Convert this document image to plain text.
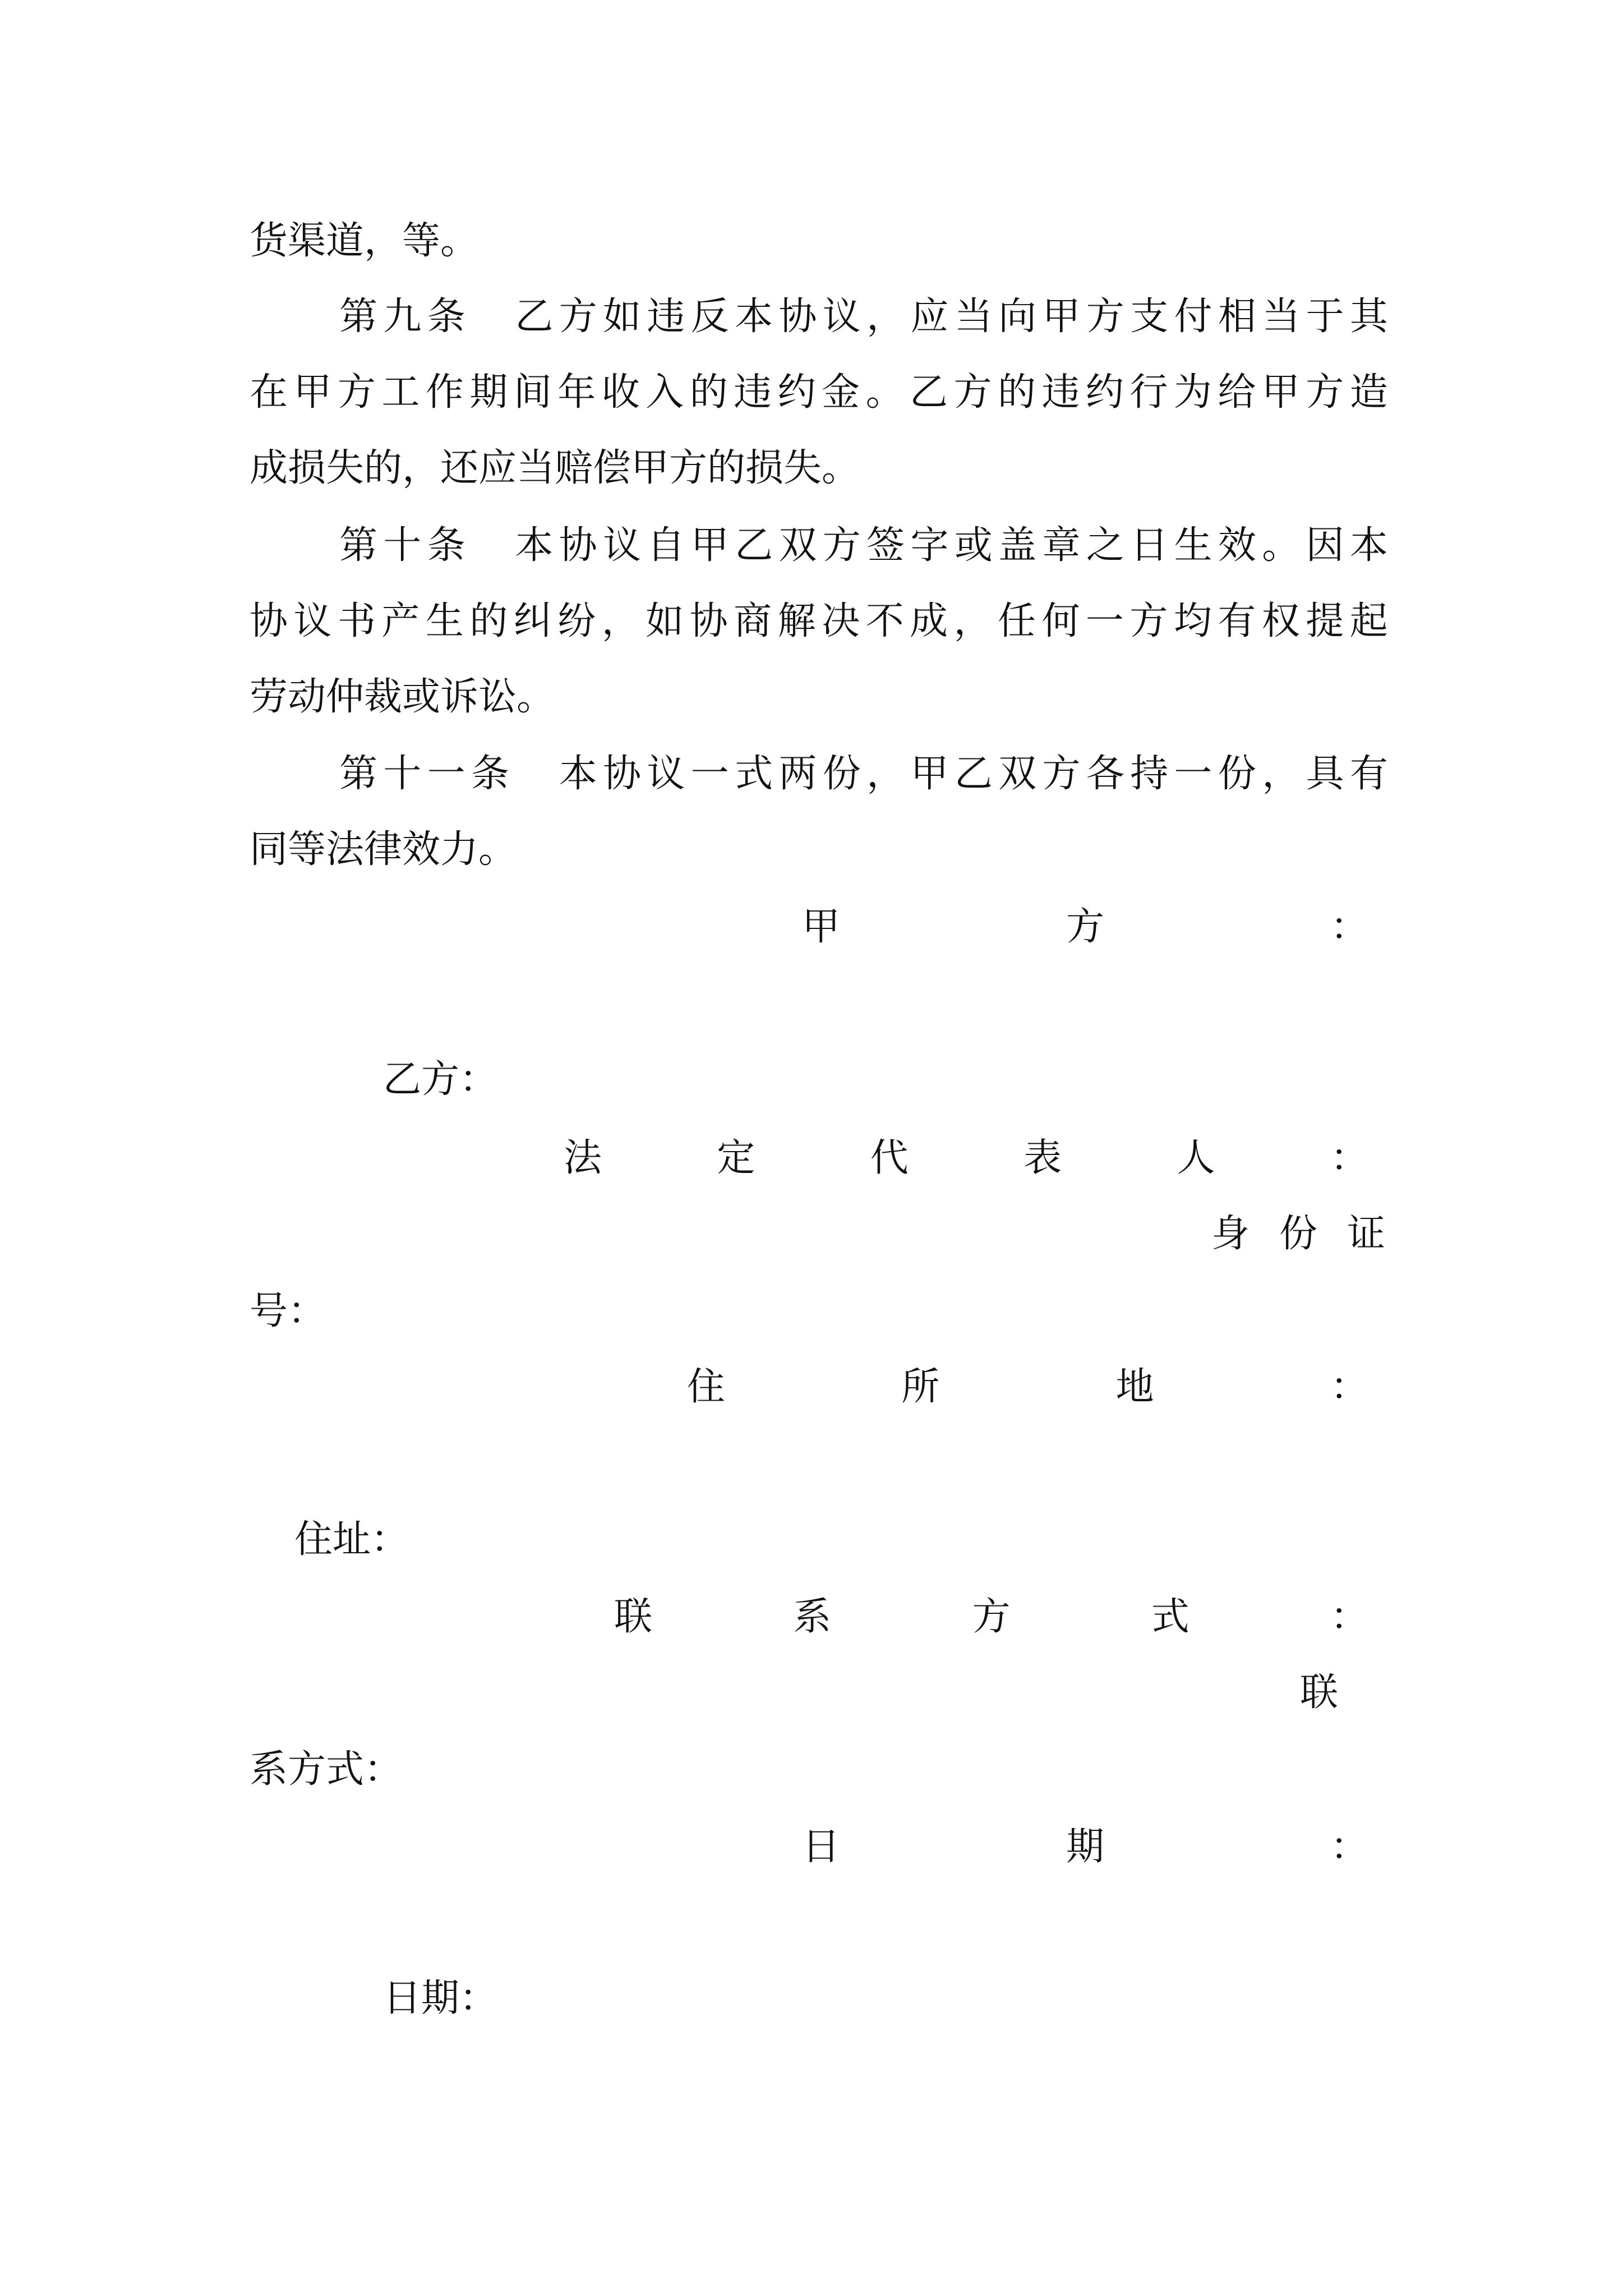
货渠道，等。
第 九 条
　 乙 方 如 违 反 本 协 议 ， 应 当 向 甲 方 支 付 相 当 于 其
在 甲 方 工 作 期 间 年 收 入 的 违 约 金 。 乙 方 的 违 约 行 为 给 甲 方 造
成损失的，还应当赔偿甲方的损失。
第 十 条
　 本 协 议 自 甲 乙 双 方 签 字 或 盖 章 之 日 生 效 。 因 本
协 议 书 产 生 的 纠 纷 ， 如 协 商 解 决 不 成 ， 任 何 一 方 均 有 权 提 起
劳动仲裁或诉讼。
第 十 一 条
　 本 协 议 一 式 两 份 ， 甲 乙 双 方 各 持 一 份 ， 具 有
同等法律效力。
甲	方	：
乙方：
法	定	代	表	人	：
身 份 证
号：
住	所	地	：
住址：
联	系	方	式	：
联
系方式：
日	期	：
日期：
